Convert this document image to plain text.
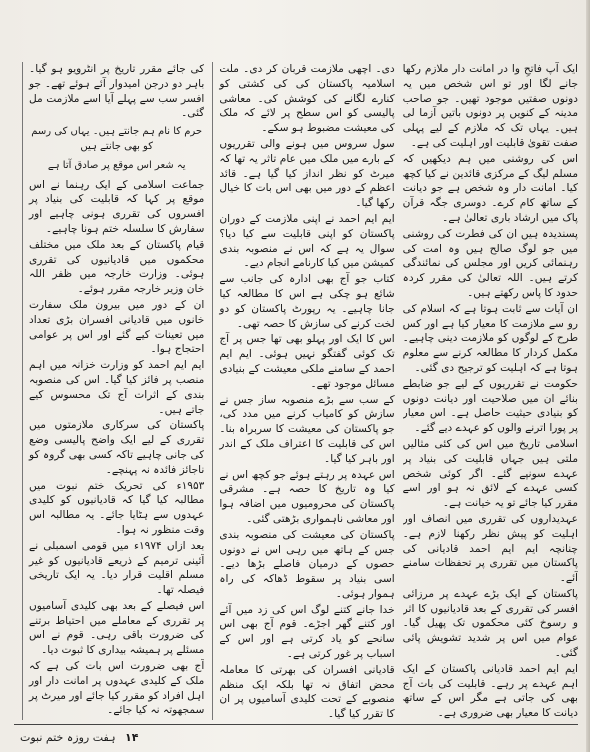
ایک آپ فاتحِ وا در امانت دار ملازم رکھا جانے لگا اور تو اس شخص میں یہ دونوں صفتیں موجود تھیں۔ جو صاحب مدینہ کے کنویں پر دونوں باتیں آزما لی ہیں۔ یہاں تک کہ ملازم کے لیے پہلی صفت تقویٰ قابلیت اور اہلیت کی ہے۔

اس کی روشنی میں ہم دیکھیں کہ مسلم لیگ کے مرکزی قائدین نے کیا کچھ کیا۔ امانت دار وہ شخص ہے جو دیانت کے ساتھ کام کرے۔ دوسری جگہ قرآن پاک میں ارشاد باری تعالیٰ ہے۔

پسندیدہ ہیں ان کی فطرت کی روشنی میں جو لوگ صالح ہیں وہ امت کی رہنمائی کریں اور مجلس کی نمائندگی کرتے ہیں۔ اللہ تعالیٰ کی مقرر کردہ حدود کا پاس رکھتے ہیں۔

ان آیات سے ثابت ہوتا ہے کہ اسلام کی رو سے ملازمت کا معیار کیا ہے اور کس طرح کے لوگوں کو ملازمت دینی چاہیے۔ مکمل کردار کا مطالعہ کرنے سے معلوم ہوتا ہے کہ اہلیت کو ترجیح دی گئی۔

حکومت نے تقرریوں کے لیے جو ضابطے بنائے ان میں صلاحیت اور دیانت دونوں کو بنیادی حیثیت حاصل ہے۔ اس معیار پر پورا اترنے والوں کو عہدے دیے گئے۔

اسلامی تاریخ میں اس کی کئی مثالیں ملتی ہیں جہاں قابلیت کی بنیاد پر عہدے سونپے گئے۔ اگر کوئی شخص کسی عہدے کے لائق نہ ہو اور اسے مقرر کیا جائے تو یہ خیانت ہے۔

عہدیداروں کی تقرری میں انصاف اور اہلیت کو پیش نظر رکھنا لازم ہے۔ چنانچہ ایم ایم احمد قادیانی کی پاکستان میں تقرری پر تحفظات سامنے آئے۔

پاکستان کے ایک بڑے عہدے پر مرزائی افسر کی تقرری کے بعد قادیانیوں کا اثر و رسوخ کئی محکموں تک پھیل گیا۔ عوام میں اس پر شدید تشویش پائی گئی۔

ایم ایم احمد قادیانی پاکستان کے ایک اہم عہدے پر رہے۔ قابلیت کی بات آج بھی کی جاتی ہے مگر اس کے ساتھ دیانت کا معیار بھی ضروری ہے۔

دی۔ اچھی ملازمت قربان کر دی۔ ملت اسلامیہ پاکستان کی کی کشتی کو کنارے لگانے کی کوشش کی۔ معاشی پالیسی کو اس سطح پر لائے کہ ملک کی معیشت مضبوط ہو سکے۔

سول سروس میں ہونے والی تقرریوں کے بارے میں ملک میں عام تاثر یہ تھا کہ میرٹ کو نظر انداز کیا گیا ہے۔ قائد اعظم کے دور میں بھی اس بات کا خیال رکھا گیا۔

ایم ایم احمد نے اپنی ملازمت کے دوران پاکستان کو اپنی قابلیت سے کیا دیا؟ سوال یہ ہے کہ اس نے منصوبہ بندی کمیشن میں کیا کارنامے انجام دیے۔

کتاب جو آج بھی ادارہ کی جانب سے شائع ہو چکی ہے اس کا مطالعہ کیا جانا چاہیے۔ یہ رپورٹ پاکستان کو دو لخت کرنے کی سازش کا حصہ تھی۔

اس کا ایک اور پہلو بھی تھا جس پر آج تک کوئی گفتگو نہیں ہوئی۔ ایم ایم احمد کے سامنے ملکی معیشت کے بنیادی مسائل موجود تھے۔

کے سب سے بڑے منصوبہ ساز جس نے سازش کو کامیاب کرنے میں مدد کی، جو پاکستان کی معیشت کا سربراہ بنا۔ اس کی قابلیت کا اعتراف ملک کے اندر اور باہر کیا گیا۔

اس عہدہ پر رہتے ہوئے جو کچھ اس نے کیا وہ تاریخ کا حصہ ہے۔ مشرقی پاکستان کی محرومیوں میں اضافہ ہوا اور معاشی ناہمواری بڑھتی گئی۔

پاکستان کی معیشت کی منصوبہ بندی جس کے ہاتھ میں رہی اس نے دونوں حصوں کے درمیان فاصلے بڑھا دیے۔ اسی بنیاد پر سقوط ڈھاکہ کی راہ ہموار ہوئی۔

خدا جانے کتنے لوگ اس کی زد میں آئے اور کتنے گھر اجڑے۔ قوم آج بھی اس سانحے کو یاد کرتی ہے اور اس کے اسباب پر غور کرتی ہے۔

قادیانی افسران کی بھرتی کا معاملہ محض اتفاق نہ تھا بلکہ ایک منظم منصوبے کے تحت کلیدی آسامیوں پر ان کا تقرر کیا گیا۔

کی جائے مقرر تاریخ پر انٹرویو ہو گیا۔ باہر دو درجن امیدوار آئے ہوئے تھے۔ جو افسر سب سے پہلے آیا اسے ملازمت مل گئی۔

حرم کا نام ہم جانتے ہیں۔ یہاں کی رسم کو بھی جانتے ہیں

یہ شعر اس موقع پر صادق آتا ہے

جماعت اسلامی کے ایک رہنما نے اس موقع پر کہا کہ قابلیت کی بنیاد پر افسروں کی تقرری ہونی چاہیے اور سفارش کا سلسلہ ختم ہونا چاہیے۔

قیام پاکستان کے بعد ملک میں مختلف محکموں میں قادیانیوں کی تقرری ہوئی۔ وزارت خارجہ میں ظفر اللہ خان وزیر خارجہ مقرر ہوئے۔

ان کے دور میں بیرون ملک سفارت خانوں میں قادیانی افسران بڑی تعداد میں تعینات کیے گئے اور اس پر عوامی احتجاج ہوا۔

ایم ایم احمد کو وزارت خزانہ میں اہم منصب پر فائز کیا گیا۔ اس کی منصوبہ بندی کے اثرات آج تک محسوس کیے جاتے ہیں۔

پاکستان کی سرکاری ملازمتوں میں تقرری کے لیے ایک واضح پالیسی وضع کی جانی چاہیے تاکہ کسی بھی گروہ کو ناجائز فائدہ نہ پہنچے۔

۱۹۵۳ء کی تحریک ختم نبوت میں مطالبہ کیا گیا کہ قادیانیوں کو کلیدی عہدوں سے ہٹایا جائے۔ یہ مطالبہ اس وقت منظور نہ ہوا۔

بعد ازاں ۱۹۷۴ء میں قومی اسمبلی نے آئینی ترمیم کے ذریعے قادیانیوں کو غیر مسلم اقلیت قرار دیا۔ یہ ایک تاریخی فیصلہ تھا۔

اس فیصلے کے بعد بھی کلیدی آسامیوں پر تقرری کے معاملے میں احتیاط برتنے کی ضرورت باقی رہی۔ قوم نے اس مسئلے پر ہمیشہ بیداری کا ثبوت دیا۔

آج بھی ضرورت اس بات کی ہے کہ ملک کے کلیدی عہدوں پر امانت دار اور اہل افراد کو مقرر کیا جائے اور میرٹ پر سمجھوتہ نہ کیا جائے۔

۱۴ ہفت روزہ ختم نبوت
